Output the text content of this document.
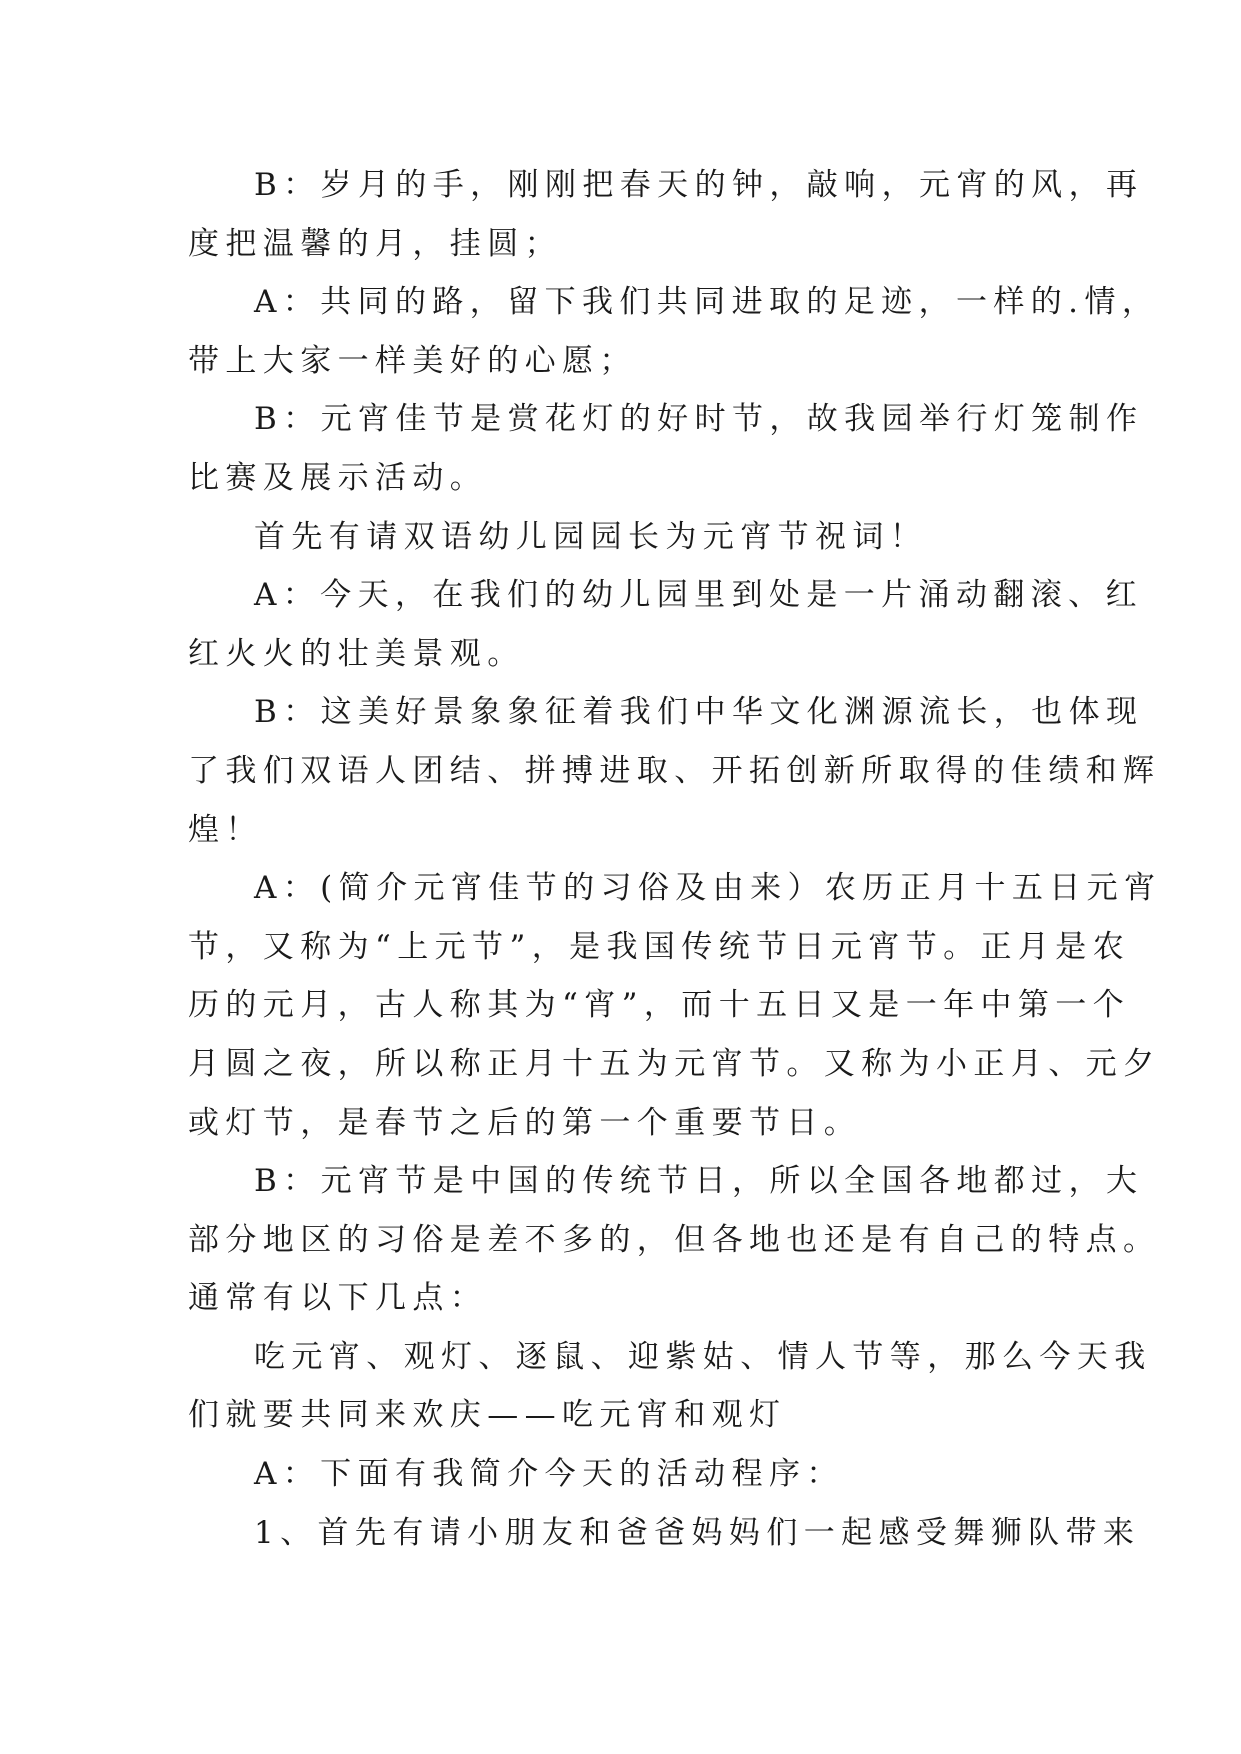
B：岁月的手，刚刚把春天的钟，敲响，元宵的风，再
度把温馨的月，挂圆；
A：共同的路，留下我们共同进取的足迹，一样的.情，
带上大家一样美好的心愿；
B：元宵佳节是赏花灯的好时节，故我园举行灯笼制作
比赛及展示活动。
首先有请双语幼儿园园长为元宵节祝词！
A：今天，在我们的幼儿园里到处是一片涌动翻滚、红
红火火的壮美景观。
B：这美好景象象征着我们中华文化渊源流长，也体现
了我们双语人团结、拼搏进取、开拓创新所取得的佳绩和辉
煌！
A：(简介元宵佳节的习俗及由来）农历正月十五日元宵
节，又称为“上元节”，是我国传统节日元宵节。正月是农
历的元月，古人称其为“宵”，而十五日又是一年中第一个
月圆之夜，所以称正月十五为元宵节。又称为小正月、元夕
或灯节，是春节之后的第一个重要节日。
B：元宵节是中国的传统节日，所以全国各地都过，大
部分地区的习俗是差不多的，但各地也还是有自己的特点。
通常有以下几点：
吃元宵、观灯、逐鼠、迎紫姑、情人节等，那么今天我
们就要共同来欢庆——吃元宵和观灯
A：下面有我简介今天的活动程序：
1、首先有请小朋友和爸爸妈妈们一起感受舞狮队带来
